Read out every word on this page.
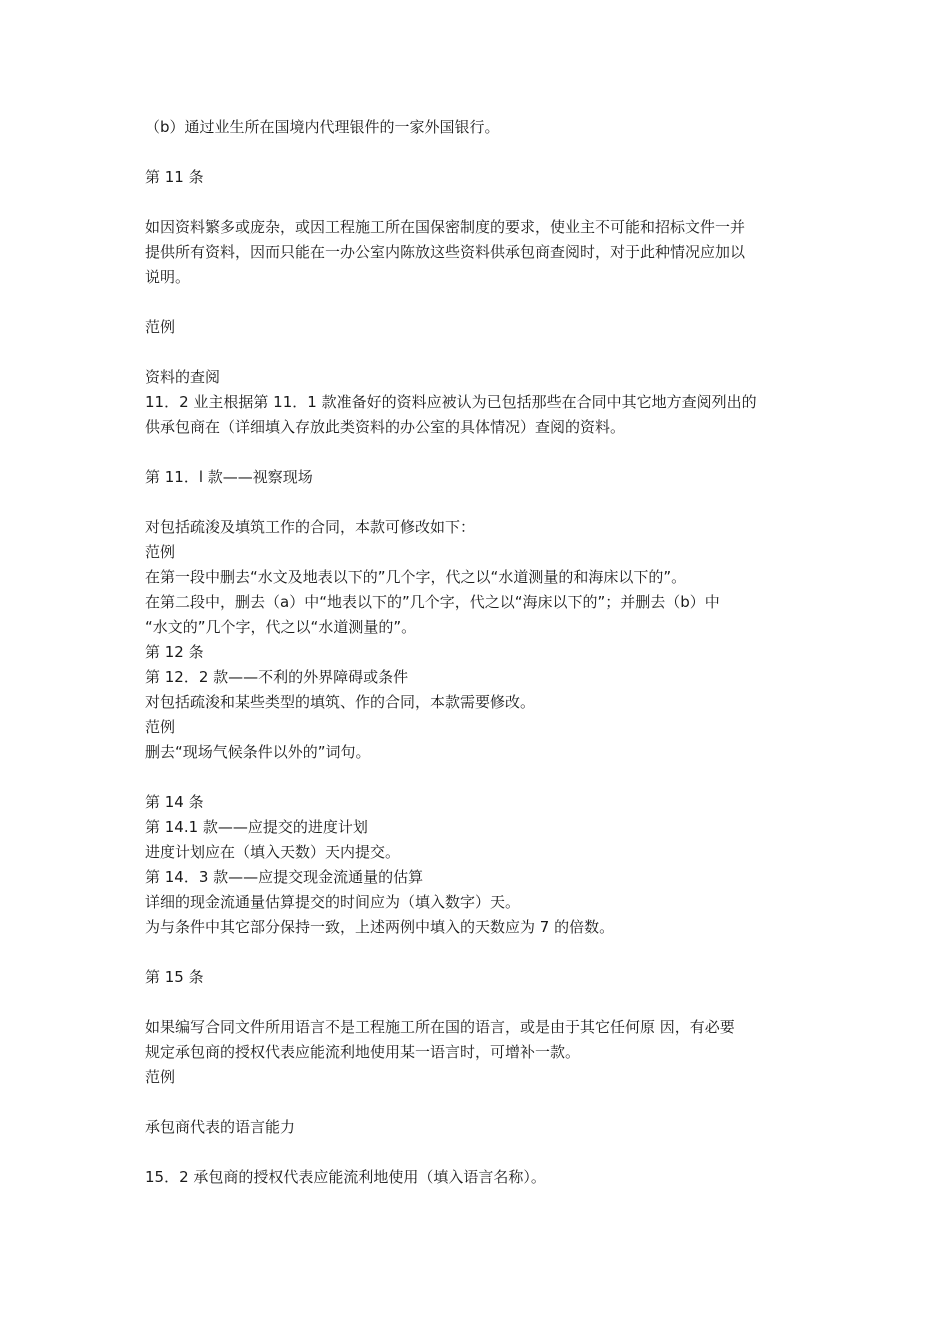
（b）通过业生所在国境内代理银件的一家外国银行。
第 11 条
如因资料繁多或庞杂，或因工程施工所在国保密制度的要求，使业主不可能和招标文件一并
提供所有资料，因而只能在一办公室内陈放这些资料供承包商查阅时，对于此种情况应加以
说明。
范例
资料的查阅
11．2 业主根据第 11．1 款准备好的资料应被认为已包括那些在合同中其它地方查阅列出的
供承包商在（详细填入存放此类资料的办公室的具体情况）查阅的资料。
第 11．l 款——视察现场
对包括疏浚及填筑工作的合同，本款可修改如下：
范例
在第一段中删去“水文及地表以下的”几个字，代之以“水道测量的和海床以下的”。
在第二段中，删去（a）中“地表以下的”几个字，代之以“海床以下的”；并删去（b）中
“水文的”几个字，代之以“水道测量的”。
第 12 条
第 12．2 款——不利的外界障碍或条件
对包括疏浚和某些类型的填筑、作的合同，本款需要修改。
范例
删去“现场气候条件以外的”词句。
第 14 条
第 14.1 款——应提交的进度计划
进度计划应在（填入天数）天内提交。
第 14．3 款——应提交现金流通量的估算
详细的现金流通量估算提交的时间应为（填入数字）天。
为与条件中其它部分保持一致，上述两例中填入的天数应为 7 的倍数。
第 15 条
如果编写合同文件所用语言不是工程施工所在国的语言，或是由于其它任何原 因，有必要
规定承包商的授权代表应能流利地使用某一语言时，可增补一款。
范例
承包商代表的语言能力
15．2 承包商的授权代表应能流利地使用（填入语言名称）。
